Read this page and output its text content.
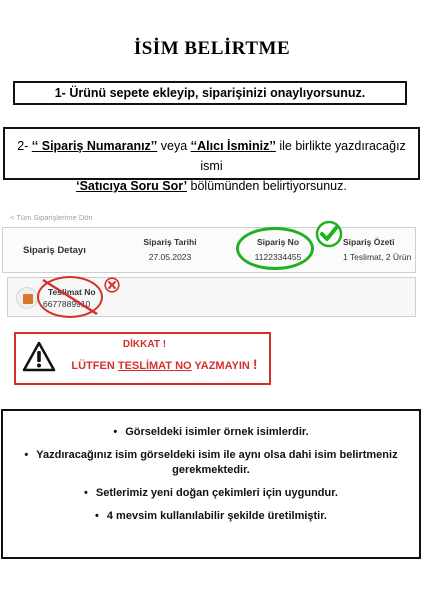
İSİM BELİRTME
1- Ürünü sepete ekleyip, siparişinizi onaylıyorsunuz.
2- ‘‘ Sipariş Numaranız’’ veya ‘‘Alıcı İsminiz’’ ile birlikte yazdıracağız ismi
‘Satıcıya Soru Sor’ bölümünden belirtiyorsunuz.
< Tüm Siparişlerime Dön
Sipariş Detayı
Sipariş Tarihi
27.05.2023
Sipariş No
1122334455
Sipariş Özeti
1 Teslimat, 2 Ürün
Teslimat No
6677889910
DİKKAT !
LÜTFEN TESLİMAT NO YAZMAYIN !
• Görseldeki isimler örnek isimlerdir.
• Yazdıracağınız isim görseldeki isim ile aynı olsa dahi isim belirtmeniz gerekmektedir.
• Setlerimiz yeni doğan çekimleri için uygundur.
• 4 mevsim kullanılabilir şekilde üretilmiştir.
